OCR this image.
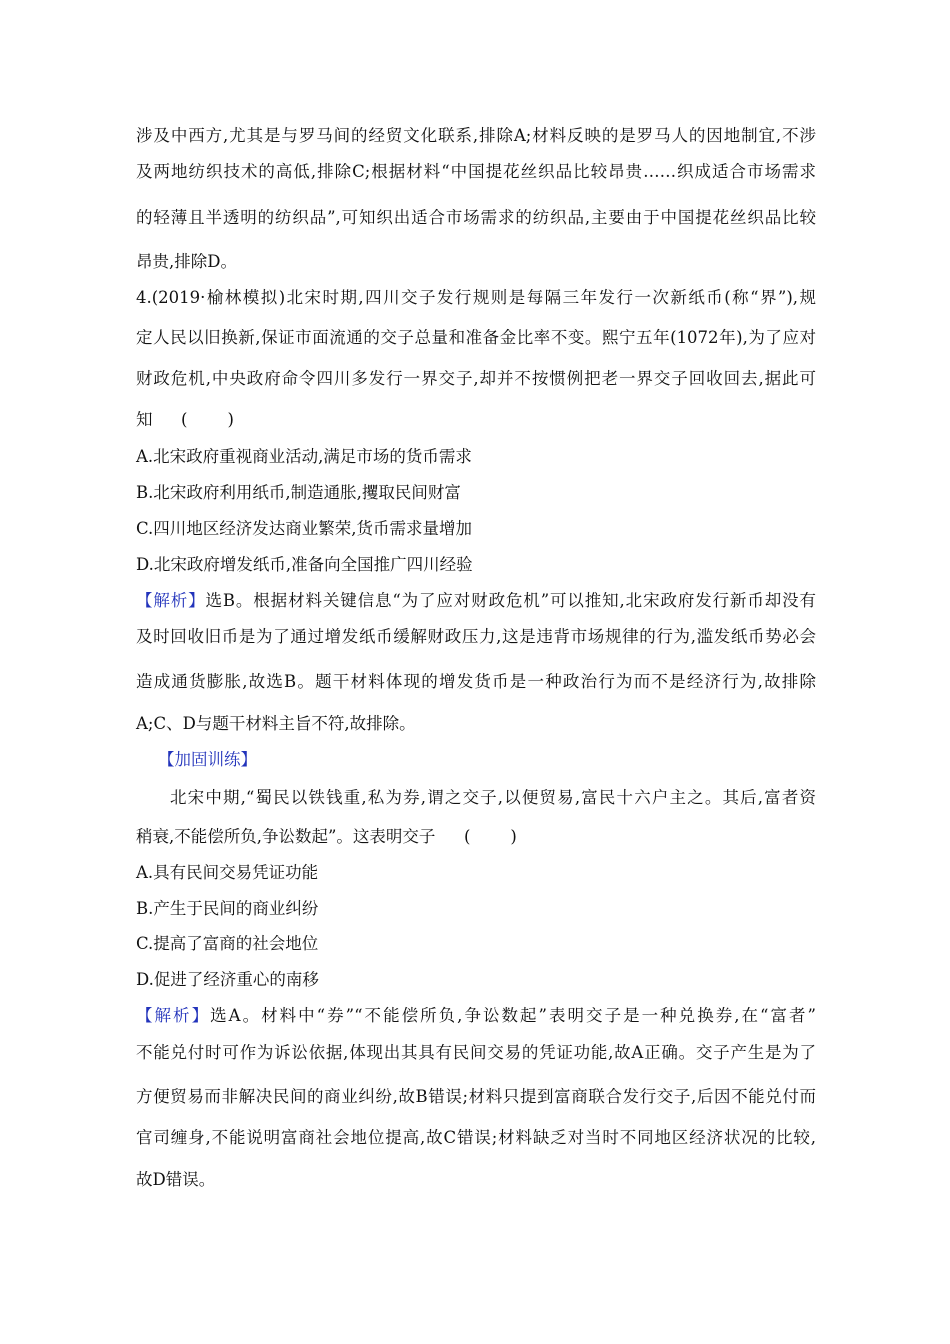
涉及中西方,尤其是与罗马间的经贸文化联系,排除A;材料反映的是罗马人的因地制宜,不涉
及两地纺织技术的高低,排除C;根据材料“中国提花丝织品比较昂贵……织成适合市场需求
的轻薄且半透明的纺织品”,可知织出适合市场需求的纺织品,主要由于中国提花丝织品比较
昂贵,排除D。
4.(2019·榆林模拟)北宋时期,四川交子发行规则是每隔三年发行一次新纸币(称“界”),规
定人民以旧换新,保证市面流通的交子总量和准备金比率不变。熙宁五年(1072年),为了应对
财政危机,中央政府命令四川多发行一界交子,却并不按惯例把老一界交子回收回去,据此可
知 ( )
A.北宋政府重视商业活动,满足市场的货币需求
B.北宋政府利用纸币,制造通胀,攫取民间财富
C.四川地区经济发达商业繁荣,货币需求量增加
D.北宋政府增发纸币,准备向全国推广四川经验
【解析】选B。根据材料关键信息“为了应对财政危机”可以推知,北宋政府发行新币却没有
及时回收旧币是为了通过增发纸币缓解财政压力,这是违背市场规律的行为,滥发纸币势必会
造成通货膨胀,故选B。题干材料体现的增发货币是一种政治行为而不是经济行为,故排除
A;C、D与题干材料主旨不符,故排除。
【加固训练】
北宋中期,“蜀民以铁钱重,私为券,谓之交子,以便贸易,富民十六户主之。其后,富者资
稍衰,不能偿所负,争讼数起”。这表明交子 ( )
A.具有民间交易凭证功能
B.产生于民间的商业纠纷
C.提高了富商的社会地位
D.促进了经济重心的南移
【解析】选A。材料中“券”“不能偿所负,争讼数起”表明交子是一种兑换券,在“富者”
不能兑付时可作为诉讼依据,体现出其具有民间交易的凭证功能,故A正确。交子产生是为了
方便贸易而非解决民间的商业纠纷,故B错误;材料只提到富商联合发行交子,后因不能兑付而
官司缠身,不能说明富商社会地位提高,故C错误;材料缺乏对当时不同地区经济状况的比较,
故D错误。
